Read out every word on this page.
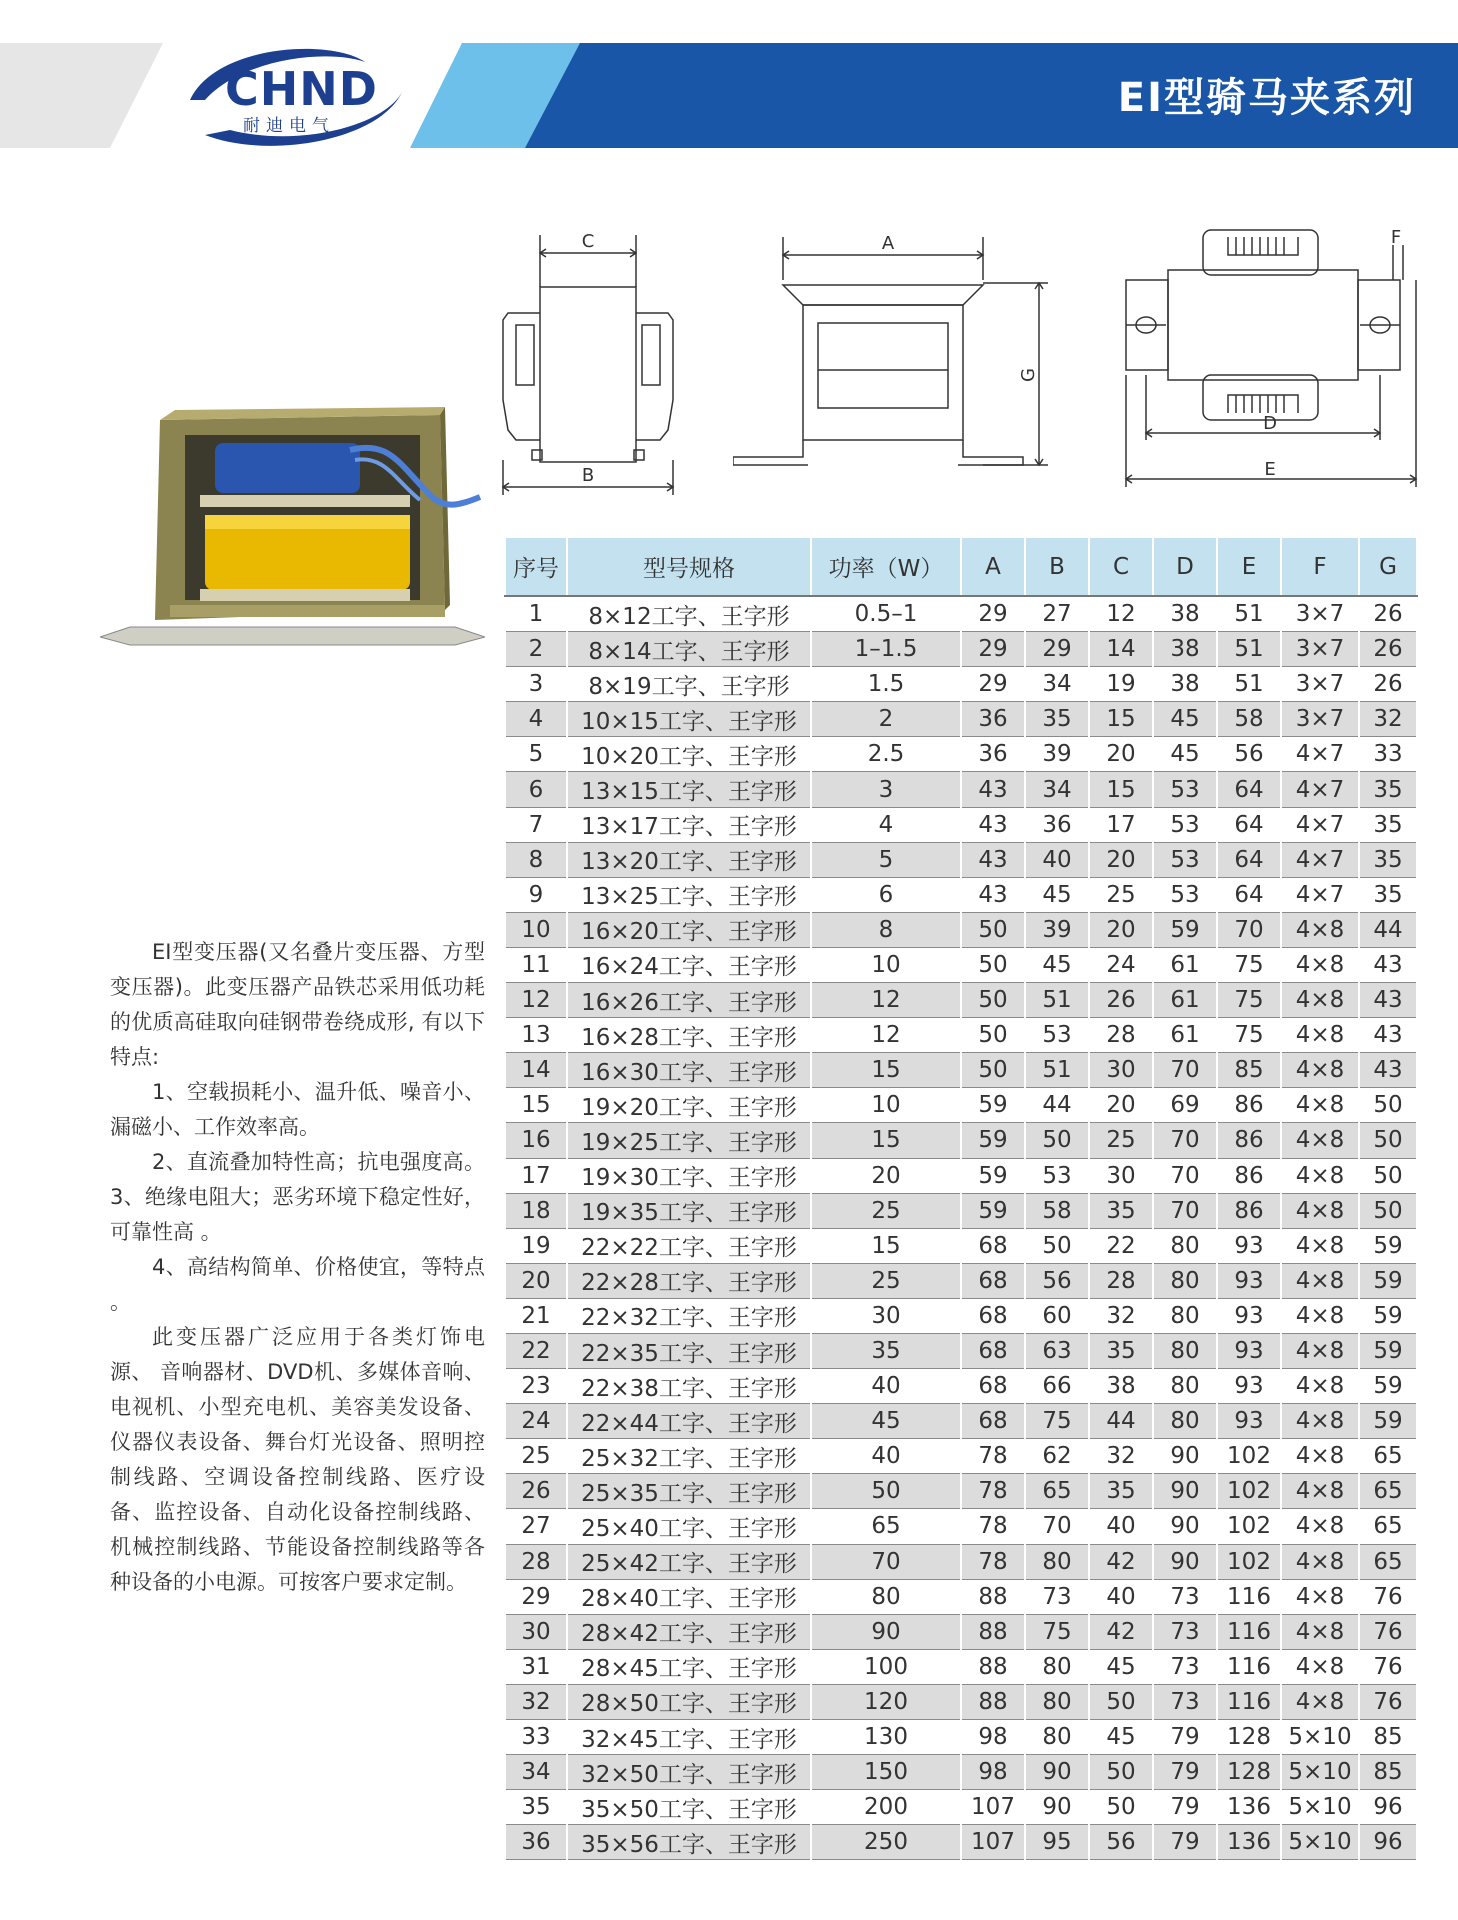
CHND
耐迪电气
EI型骑马夹系列
C
B
A
G
D
E
F

EI型变压器(又名叠片变压器、方型变压器)。此变压器产品铁芯采用低功耗的优质高硅取向硅钢带卷绕成形, 有以下特点:

1、空载损耗小、温升低、噪音小、漏磁小、工作效率高。

2、直流叠加特性高；抗电强度高。3、绝缘电阻大；恶劣环境下稳定性好，可靠性高 。

4、高结构简单、价格使宜，等特点 。

此变压器广泛应用于各类灯饰电源、 音响器材、DVD机、多媒体音响、电视机、小型充电机、美容美发设备、仪器仪表设备、舞台灯光设备、照明控制线路、空调设备控制线路、医疗设备、监控设备、自动化设备控制线路、机械控制线路、节能设备控制线路等各种设备的小电源。可按客户要求定制。

序号	型号规格	功率（W）	A	B	C	D	E	F	G
1	8×12工字、王字形	0.5–1	29	27	12	38	51	3×7	26
2	8×14工字、王字形	1–1.5	29	29	14	38	51	3×7	26
3	8×19工字、王字形	1.5	29	34	19	38	51	3×7	26
4	10×15工字、王字形	2	36	35	15	45	58	3×7	32
5	10×20工字、王字形	2.5	36	39	20	45	56	4×7	33
6	13×15工字、王字形	3	43	34	15	53	64	4×7	35
7	13×17工字、王字形	4	43	36	17	53	64	4×7	35
8	13×20工字、王字形	5	43	40	20	53	64	4×7	35
9	13×25工字、王字形	6	43	45	25	53	64	4×7	35
10	16×20工字、王字形	8	50	39	20	59	70	4×8	44
11	16×24工字、王字形	10	50	45	24	61	75	4×8	43
12	16×26工字、王字形	12	50	51	26	61	75	4×8	43
13	16×28工字、王字形	12	50	53	28	61	75	4×8	43
14	16×30工字、王字形	15	50	51	30	70	85	4×8	43
15	19×20工字、王字形	10	59	44	20	69	86	4×8	50
16	19×25工字、王字形	15	59	50	25	70	86	4×8	50
17	19×30工字、王字形	20	59	53	30	70	86	4×8	50
18	19×35工字、王字形	25	59	58	35	70	86	4×8	50
19	22×22工字、王字形	15	68	50	22	80	93	4×8	59
20	22×28工字、王字形	25	68	56	28	80	93	4×8	59
21	22×32工字、王字形	30	68	60	32	80	93	4×8	59
22	22×35工字、王字形	35	68	63	35	80	93	4×8	59
23	22×38工字、王字形	40	68	66	38	80	93	4×8	59
24	22×44工字、王字形	45	68	75	44	80	93	4×8	59
25	25×32工字、王字形	40	78	62	32	90	102	4×8	65
26	25×35工字、王字形	50	78	65	35	90	102	4×8	65
27	25×40工字、王字形	65	78	70	40	90	102	4×8	65
28	25×42工字、王字形	70	78	80	42	90	102	4×8	65
29	28×40工字、王字形	80	88	73	40	73	116	4×8	76
30	28×42工字、王字形	90	88	75	42	73	116	4×8	76
31	28×45工字、王字形	100	88	80	45	73	116	4×8	76
32	28×50工字、王字形	120	88	80	50	73	116	4×8	76
33	32×45工字、王字形	130	98	80	45	79	128	5×10	85
34	32×50工字、王字形	150	98	90	50	79	128	5×10	85
35	35×50工字、王字形	200	107	90	50	79	136	5×10	96
36	35×56工字、王字形	250	107	95	56	79	136	5×10	96
